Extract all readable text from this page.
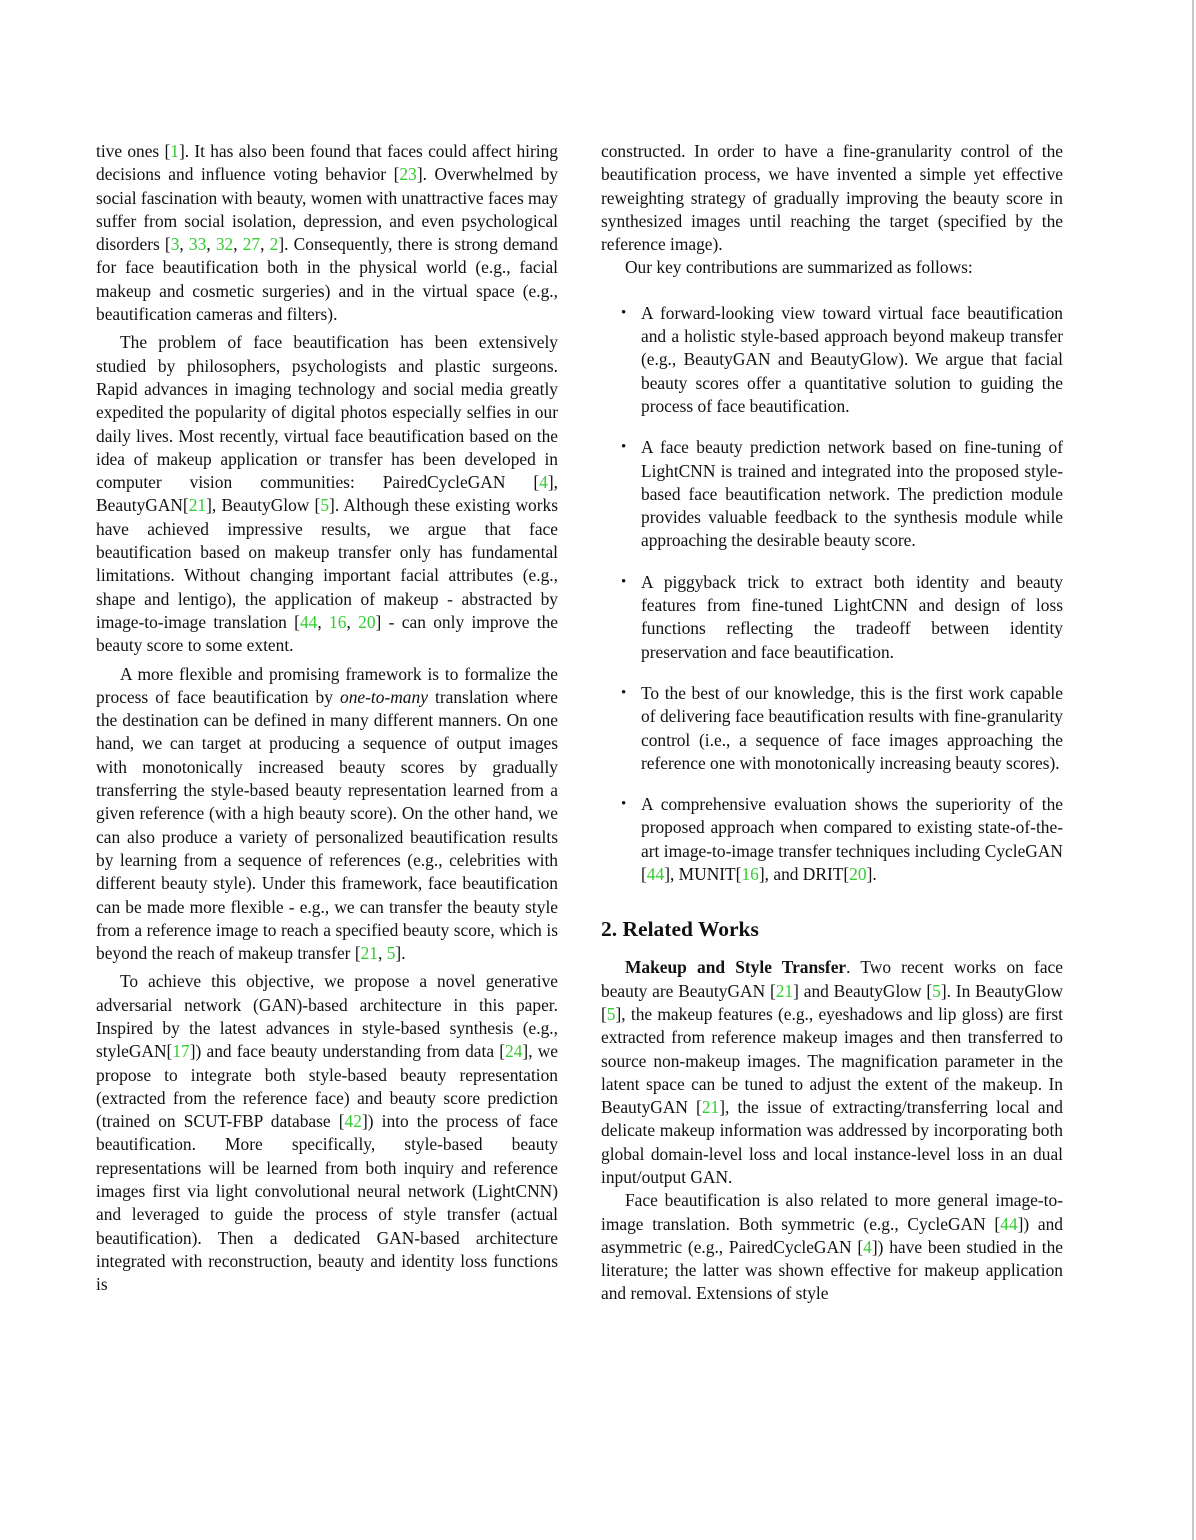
tive ones [1]. It has also been found that faces could affect hiring decisions and influence voting behavior [23]. Overwhelmed by social fascination with beauty, women with unattractive faces may suffer from social isolation, depression, and even psychological disorders [3, 33, 32, 27, 2]. Consequently, there is strong demand for face beautification both in the physical world (e.g., facial makeup and cosmetic surgeries) and in the virtual space (e.g., beautification cameras and filters).

The problem of face beautification has been extensively studied by philosophers, psychologists and plastic surgeons. Rapid advances in imaging technology and social media greatly expedited the popularity of digital photos especially selfies in our daily lives. Most recently, virtual face beautification based on the idea of makeup application or transfer has been developed in computer vision communities: PairedCycleGAN [4], BeautyGAN[21], BeautyGlow [5]. Although these existing works have achieved impressive results, we argue that face beautification based on makeup transfer only has fundamental limitations. Without changing important facial attributes (e.g., shape and lentigo), the application of makeup - abstracted by image-to-image translation [44, 16, 20] - can only improve the beauty score to some extent.

A more flexible and promising framework is to formalize the process of face beautification by one-to-many translation where the destination can be defined in many different manners. On one hand, we can target at producing a sequence of output images with monotonically increased beauty scores by gradually transferring the style-based beauty representation learned from a given reference (with a high beauty score). On the other hand, we can also produce a variety of personalized beautification results by learning from a sequence of references (e.g., celebrities with different beauty style). Under this framework, face beautification can be made more flexible - e.g., we can transfer the beauty style from a reference image to reach a specified beauty score, which is beyond the reach of makeup transfer [21, 5].

To achieve this objective, we propose a novel generative adversarial network (GAN)-based architecture in this paper. Inspired by the latest advances in style-based synthesis (e.g., styleGAN[17]) and face beauty understanding from data [24], we propose to integrate both style-based beauty representation (extracted from the reference face) and beauty score prediction (trained on SCUT-FBP database [42]) into the process of face beautification. More specifically, style-based beauty representations will be learned from both inquiry and reference images first via light convolutional neural network (LightCNN) and leveraged to guide the process of style transfer (actual beautification). Then a dedicated GAN-based architecture integrated with reconstruction, beauty and identity loss functions is

constructed. In order to have a fine-granularity control of the beautification process, we have invented a simple yet effective reweighting strategy of gradually improving the beauty score in synthesized images until reaching the target (specified by the reference image).

Our key contributions are summarized as follows:

• A forward-looking view toward virtual face beautification and a holistic style-based approach beyond makeup transfer (e.g., BeautyGAN and BeautyGlow). We argue that facial beauty scores offer a quantitative solution to guiding the process of face beautification.
• A face beauty prediction network based on fine-tuning of LightCNN is trained and integrated into the proposed style-based face beautification network. The prediction module provides valuable feedback to the synthesis module while approaching the desirable beauty score.
• A piggyback trick to extract both identity and beauty features from fine-tuned LightCNN and design of loss functions reflecting the tradeoff between identity preservation and face beautification.
• To the best of our knowledge, this is the first work capable of delivering face beautification results with fine-granularity control (i.e., a sequence of face images approaching the reference one with monotonically increasing beauty scores).
• A comprehensive evaluation shows the superiority of the proposed approach when compared to existing state-of-the-art image-to-image transfer techniques including CycleGAN [44], MUNIT[16], and DRIT[20].
2. Related Works

Makeup and Style Transfer. Two recent works on face beauty are BeautyGAN [21] and BeautyGlow [5]. In BeautyGlow [5], the makeup features (e.g., eyeshadows and lip gloss) are first extracted from reference makeup images and then transferred to source non-makeup images. The magnification parameter in the latent space can be tuned to adjust the extent of the makeup. In BeautyGAN [21], the issue of extracting/transferring local and delicate makeup information was addressed by incorporating both global domain-level loss and local instance-level loss in an dual input/output GAN.

Face beautification is also related to more general image-to-image translation. Both symmetric (e.g., CycleGAN [44]) and asymmetric (e.g., PairedCycleGAN [4]) have been studied in the literature; the latter was shown effective for makeup application and removal. Extensions of style
